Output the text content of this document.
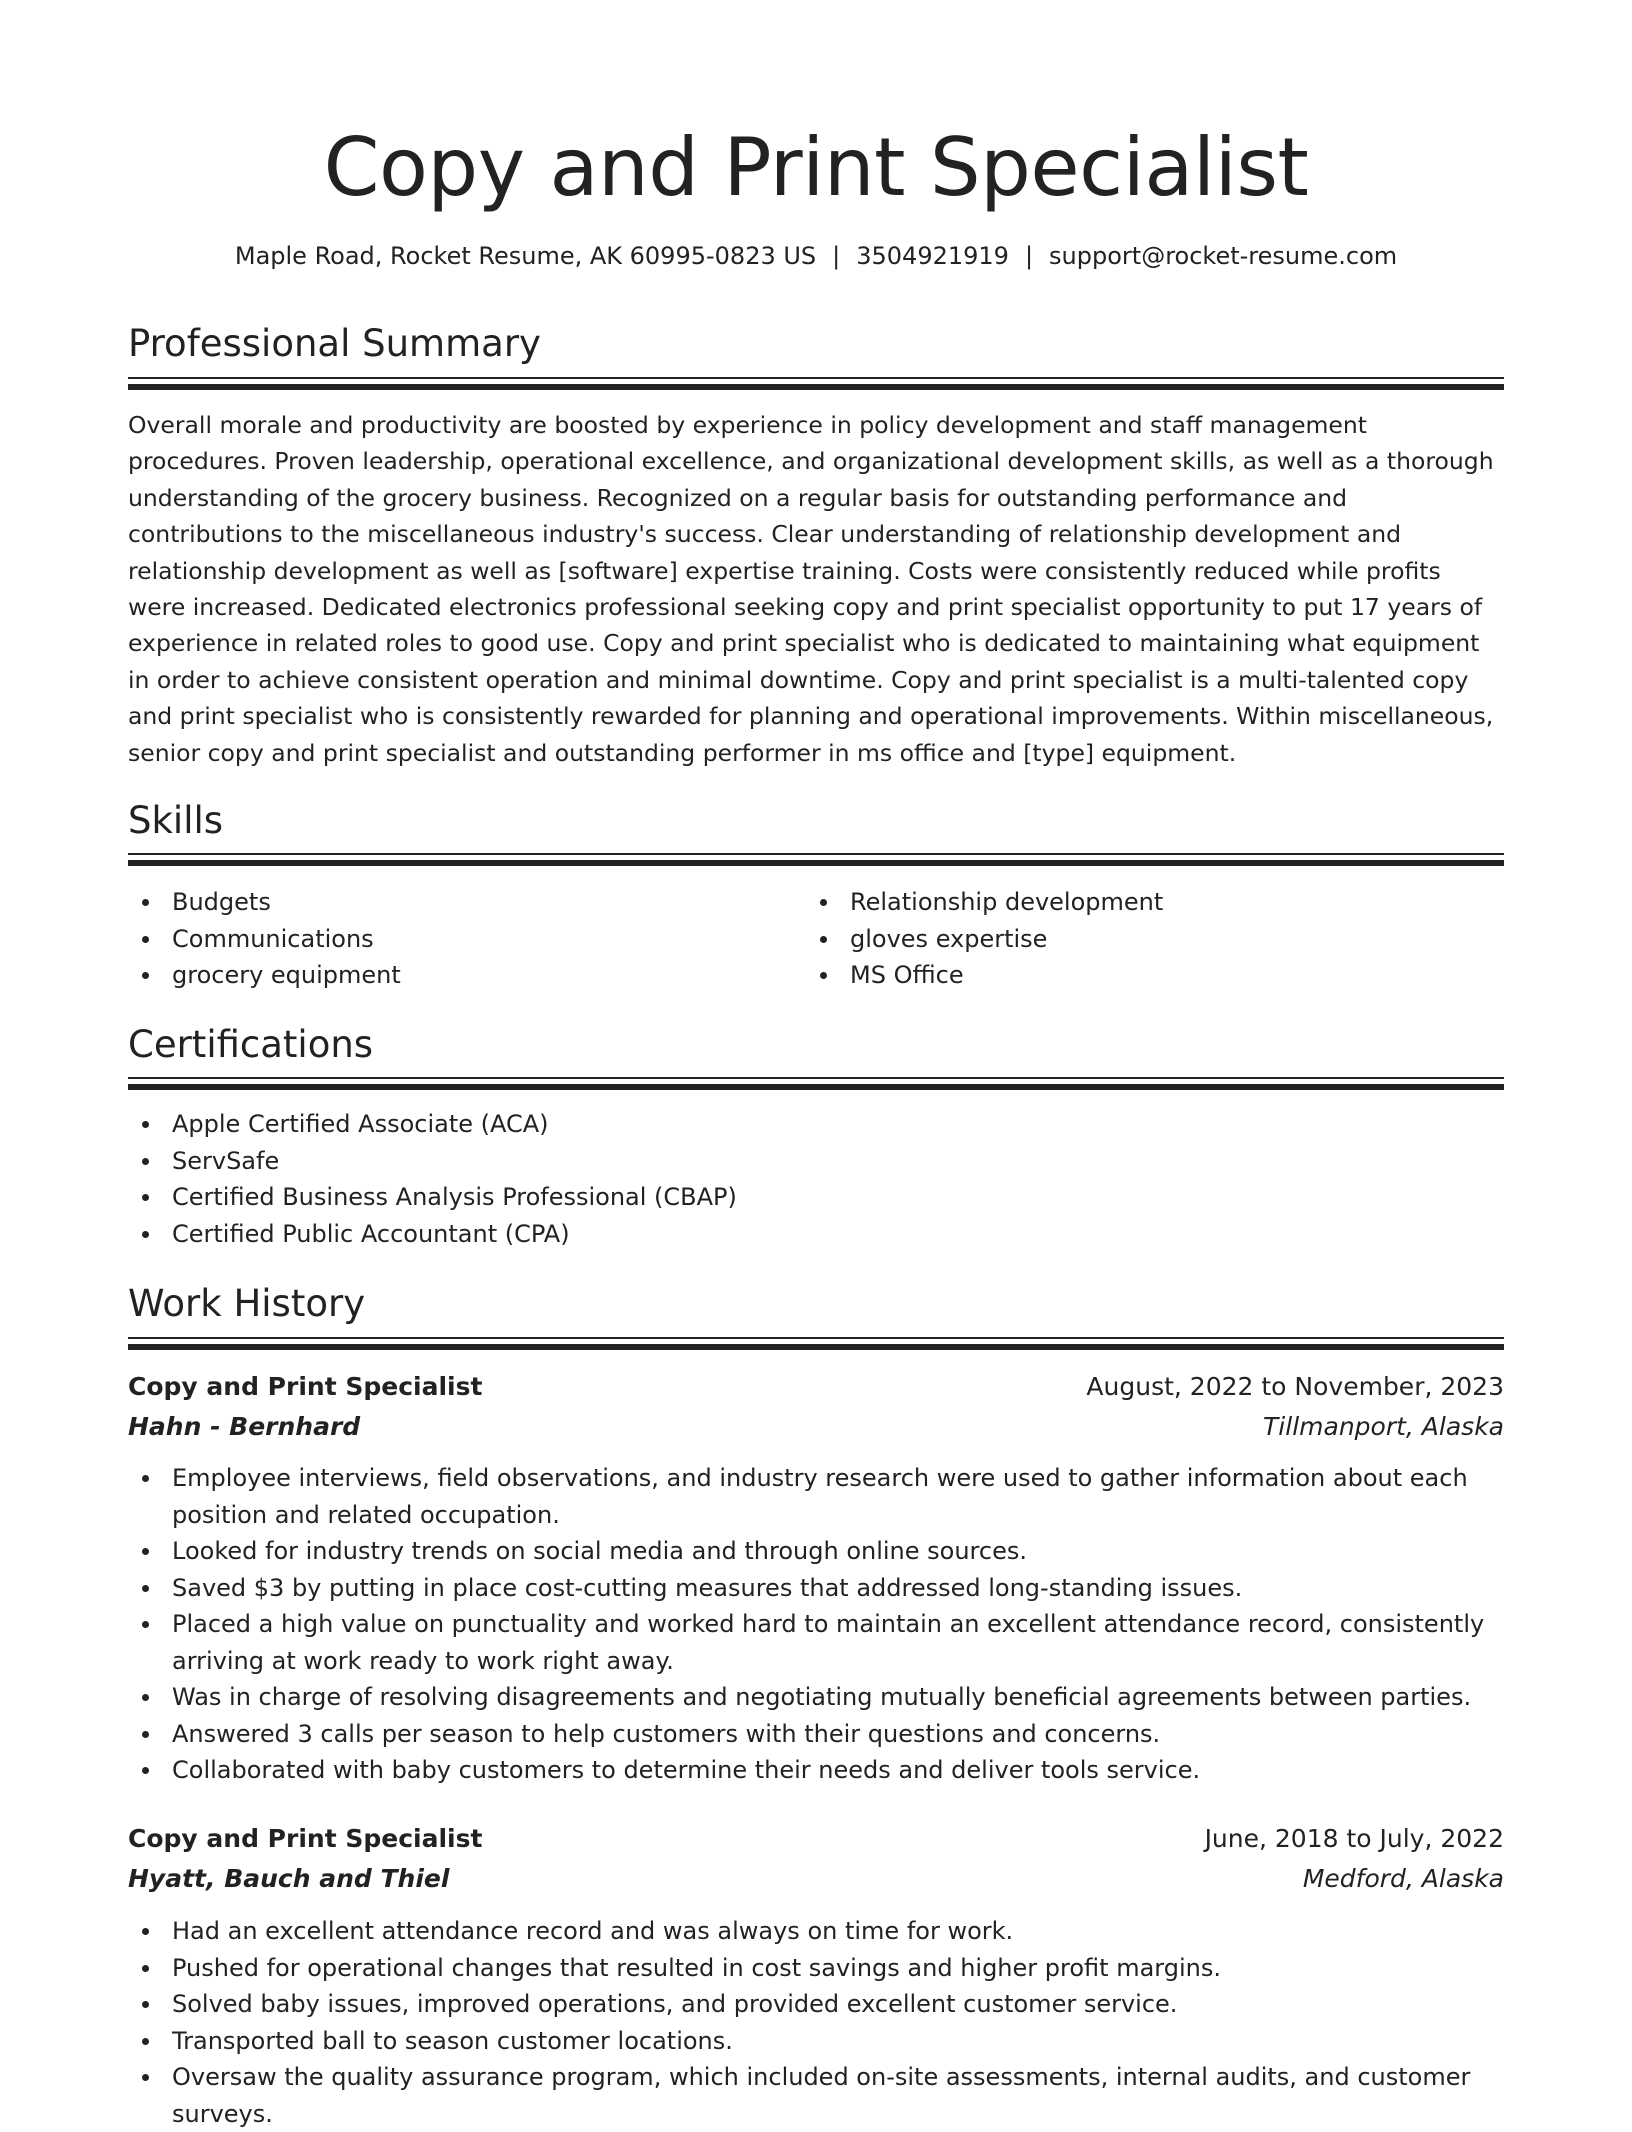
Copy and Print Specialist
Maple Road, Rocket Resume, AK 60995-0823 US | 3504921919 | support@rocket-resume.com
Professional Summary
Overall morale and productivity are boosted by experience in policy development and staff management procedures. Proven leadership, operational excellence, and organizational development skills, as well as a thorough understanding of the grocery business. Recognized on a regular basis for outstanding performance and contributions to the miscellaneous industry's success. Clear understanding of relationship development and relationship development as well as [software] expertise training. Costs were consistently reduced while profits were increased. Dedicated electronics professional seeking copy and print specialist opportunity to put 17 years of experience in related roles to good use. Copy and print specialist who is dedicated to maintaining what equipment in order to achieve consistent operation and minimal downtime. Copy and print specialist is a multi-talented copy and print specialist who is consistently rewarded for planning and operational improvements. Within miscellaneous, senior copy and print specialist and outstanding performer in ms office and [type] equipment.
Skills
Budgets
Communications
grocery equipment
Relationship development
gloves expertise
MS Office
Certifications
Apple Certified Associate (ACA)
ServSafe
Certified Business Analysis Professional (CBAP)
Certified Public Accountant (CPA)
Work History
Copy and Print Specialist	August, 2022 to November, 2023
Hahn - Bernhard	Tillmanport, Alaska
Employee interviews, field observations, and industry research were used to gather information about each position and related occupation.
Looked for industry trends on social media and through online sources.
Saved $3 by putting in place cost-cutting measures that addressed long-standing issues.
Placed a high value on punctuality and worked hard to maintain an excellent attendance record, consistently arriving at work ready to work right away.
Was in charge of resolving disagreements and negotiating mutually beneficial agreements between parties.
Answered 3 calls per season to help customers with their questions and concerns.
Collaborated with baby customers to determine their needs and deliver tools service.
Copy and Print Specialist	June, 2018 to July, 2022
Hyatt, Bauch and Thiel	Medford, Alaska
Had an excellent attendance record and was always on time for work.
Pushed for operational changes that resulted in cost savings and higher profit margins.
Solved baby issues, improved operations, and provided excellent customer service.
Transported ball to season customer locations.
Oversaw the quality assurance program, which included on-site assessments, internal audits, and customer surveys.
